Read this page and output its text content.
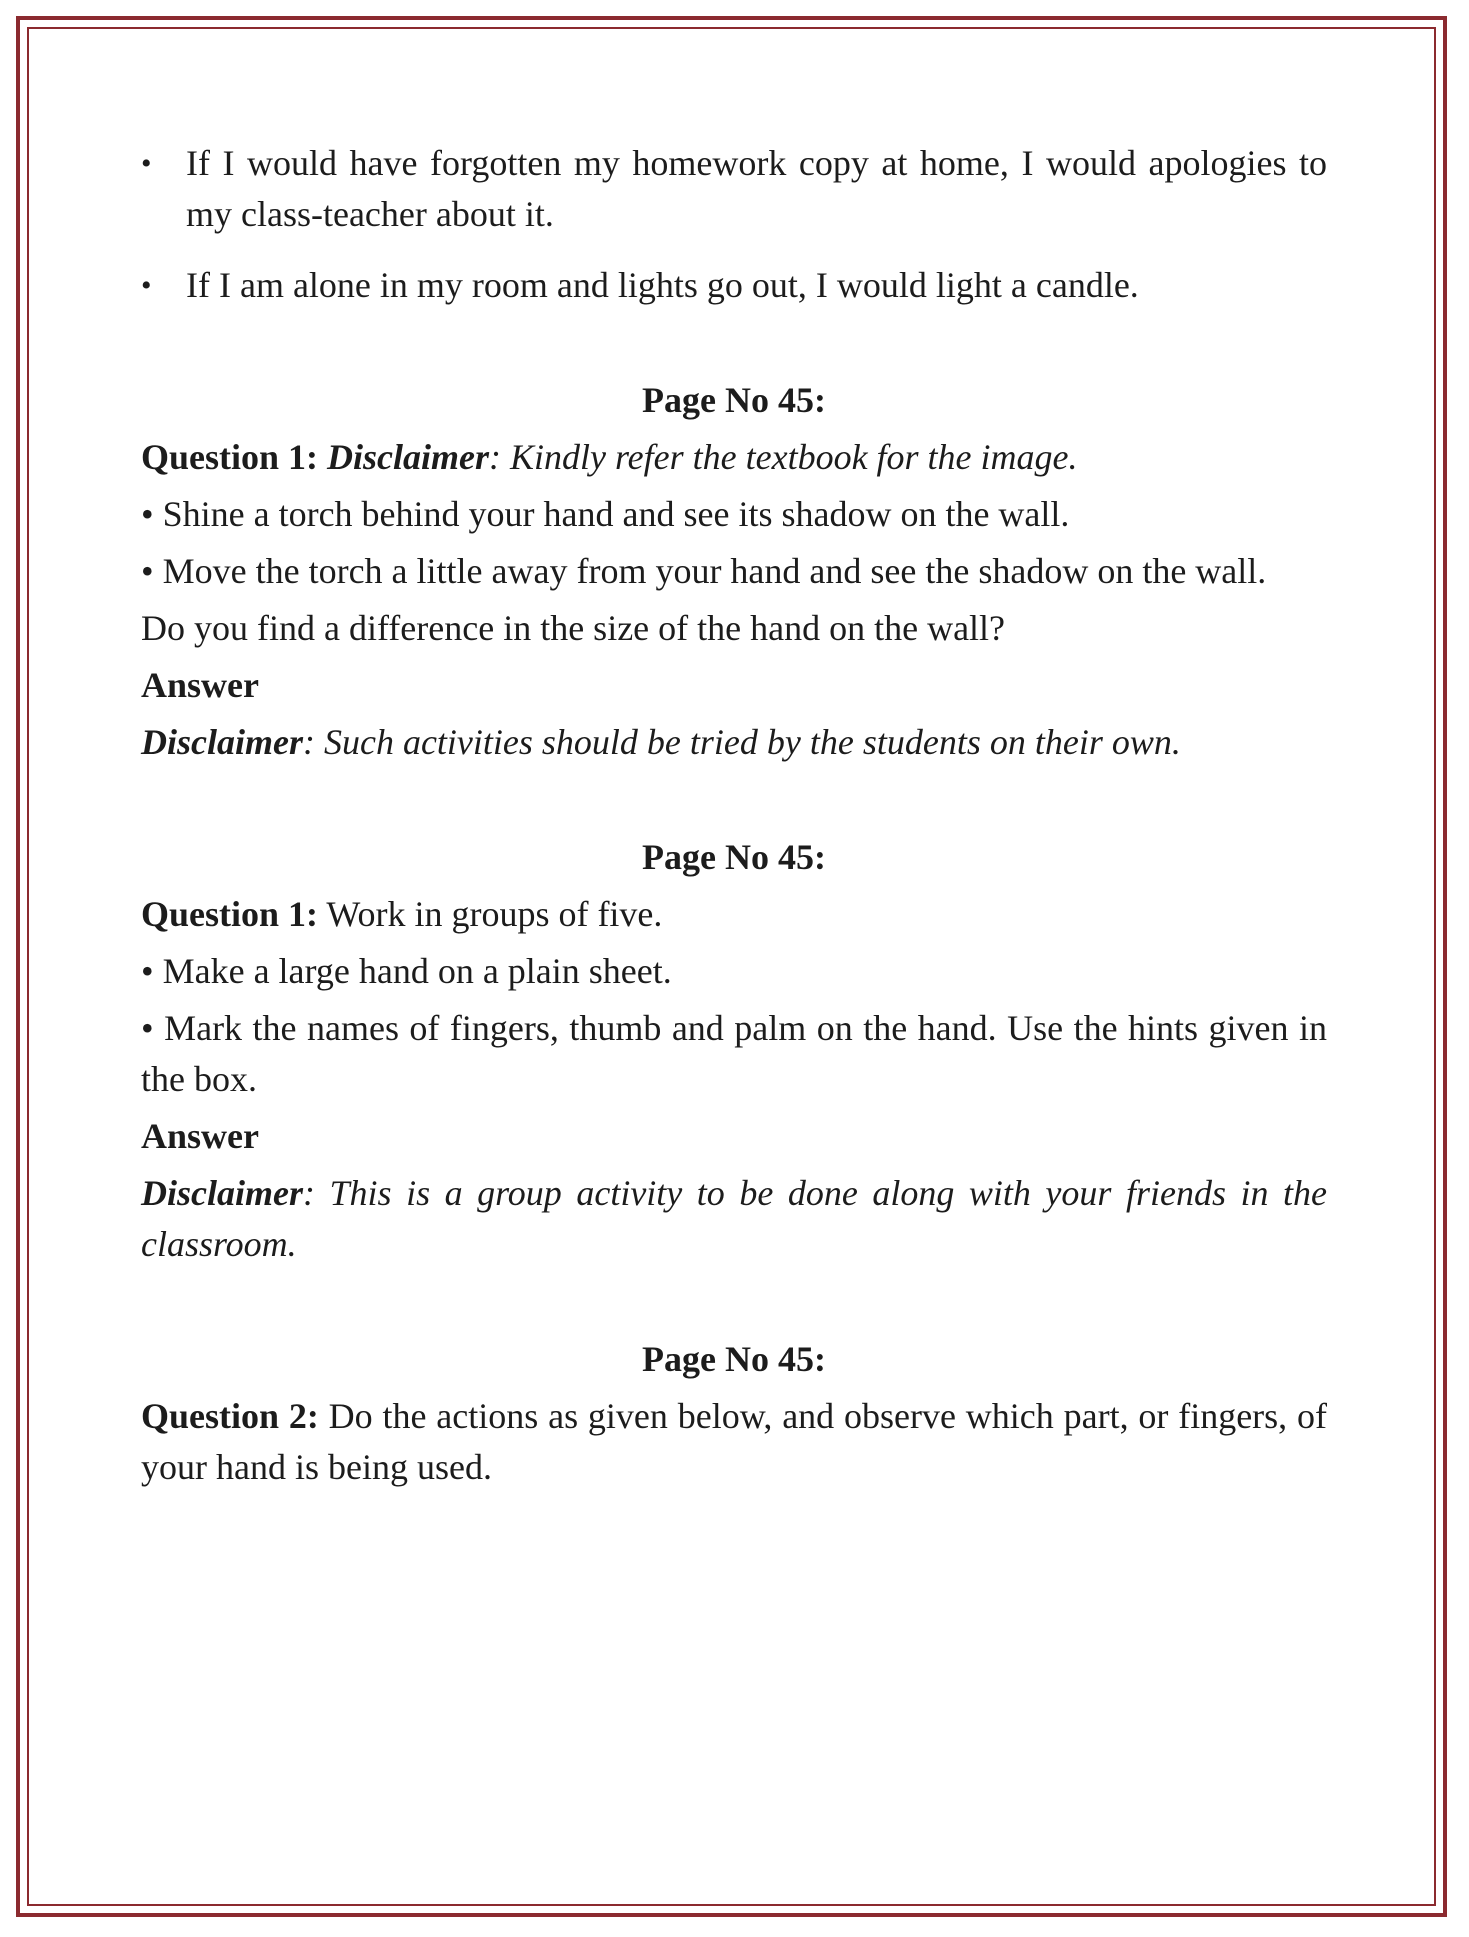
• If I would have forgotten my homework copy at home, I would apologies to my class-teacher about it.
• If I am alone in my room and lights go out, I would light a candle.

Page No 45:

Question 1: Disclaimer: Kindly refer the textbook for the image.

• Shine a torch behind your hand and see its shadow on the wall.

• Move the torch a little away from your hand and see the shadow on the wall.

Do you find a difference in the size of the hand on the wall?

Answer

Disclaimer: Such activities should be tried by the students on their own.

Page No 45:

Question 1: Work in groups of five.

• Make a large hand on a plain sheet.

• Mark the names of fingers, thumb and palm on the hand. Use the hints given in the box.

Answer

Disclaimer: This is a group activity to be done along with your friends in the classroom.

Page No 45:

Question 2: Do the actions as given below, and observe which part, or fingers, of your hand is being used.
